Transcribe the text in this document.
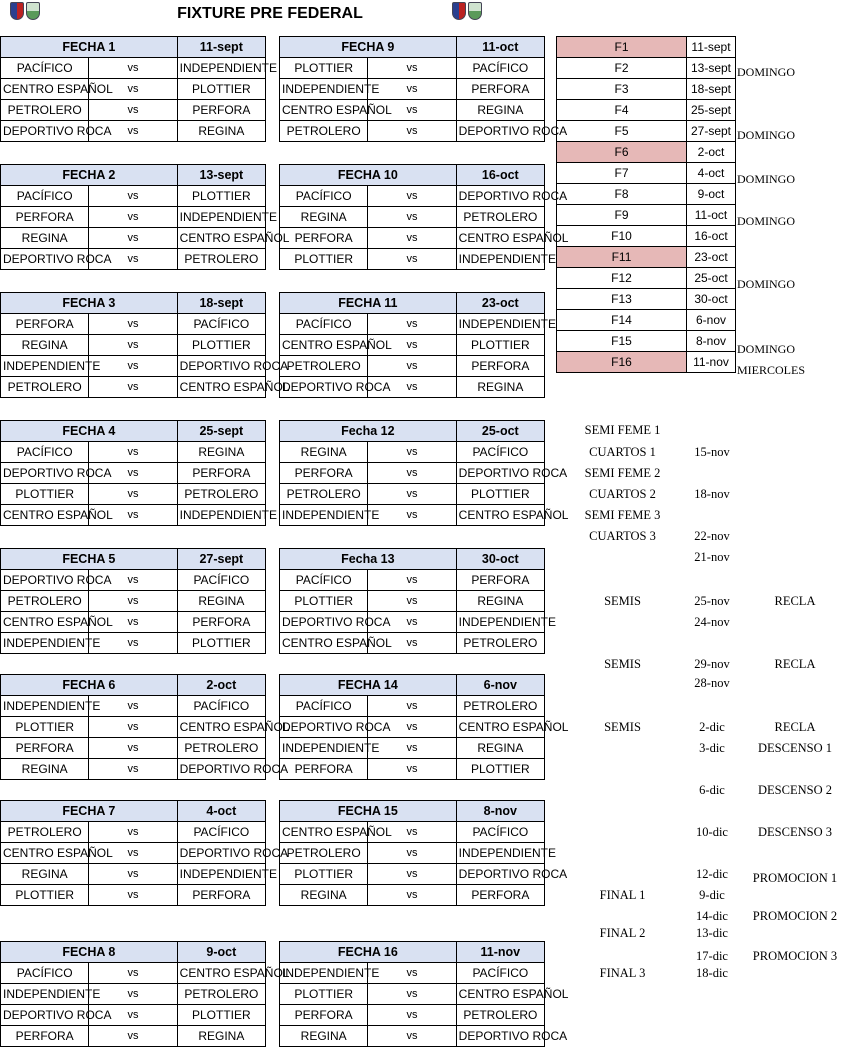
FIXTURE PRE FEDERAL
FECHA 1		11-sept
PACÍFICO	vs	INDEPENDIENTE
CENTRO ESPAÑOL	vs	PLOTTIER
PETROLERO	vs	PERFORA
DEPORTIVO ROCA	vs	REGINA
FECHA 9		11-oct
PLOTTIER	vs	PACÍFICO
INDEPENDIENTE	vs	PERFORA
CENTRO ESPAÑOL	vs	REGINA
PETROLERO	vs	DEPORTIVO ROCA
FECHA 2		13-sept
PACÍFICO	vs	PLOTTIER
PERFORA	vs	INDEPENDIENTE
REGINA	vs	CENTRO ESPAÑOL
DEPORTIVO ROCA	vs	PETROLERO
FECHA 10		16-oct
PACÍFICO	vs	DEPORTIVO ROCA
REGINA	vs	PETROLERO
PERFORA	vs	CENTRO ESPAÑOL
PLOTTIER	vs	INDEPENDIENTE
FECHA 3		18-sept
PERFORA	vs	PACÍFICO
REGINA	vs	PLOTTIER
INDEPENDIENTE	vs	DEPORTIVO ROCA
PETROLERO	vs	CENTRO ESPAÑOL
FECHA 11		23-oct
PACÍFICO	vs	INDEPENDIENTE
CENTRO ESPAÑOL	vs	PLOTTIER
PETROLERO	vs	PERFORA
DEPORTIVO ROCA	vs	REGINA
FECHA 4		25-sept
PACÍFICO	vs	REGINA
DEPORTIVO ROCA	vs	PERFORA
PLOTTIER	vs	PETROLERO
CENTRO ESPAÑOL	vs	INDEPENDIENTE
Fecha 12		25-oct
REGINA	vs	PACÍFICO
PERFORA	vs	DEPORTIVO ROCA
PETROLERO	vs	PLOTTIER
INDEPENDIENTE	vs	CENTRO ESPAÑOL
FECHA 5		27-sept
DEPORTIVO ROCA	vs	PACÍFICO
PETROLERO	vs	REGINA
CENTRO ESPAÑOL	vs	PERFORA
INDEPENDIENTE	vs	PLOTTIER
Fecha 13		30-oct
PACÍFICO	vs	PERFORA
PLOTTIER	vs	REGINA
DEPORTIVO ROCA	vs	INDEPENDIENTE
CENTRO ESPAÑOL	vs	PETROLERO
FECHA 6		2-oct
INDEPENDIENTE	vs	PACÍFICO
PLOTTIER	vs	CENTRO ESPAÑOL
PERFORA	vs	PETROLERO
REGINA	vs	DEPORTIVO ROCA
FECHA 14		6-nov
PACÍFICO	vs	PETROLERO
DEPORTIVO ROCA	vs	CENTRO ESPAÑOL
INDEPENDIENTE	vs	REGINA
PERFORA	vs	PLOTTIER
FECHA 7		4-oct
PETROLERO	vs	PACÍFICO
CENTRO ESPAÑOL	vs	DEPORTIVO ROCA
REGINA	vs	INDEPENDIENTE
PLOTTIER	vs	PERFORA
FECHA 15		8-nov
CENTRO ESPAÑOL	vs	PACÍFICO
PETROLERO	vs	INDEPENDIENTE
PLOTTIER	vs	DEPORTIVO ROCA
REGINA	vs	PERFORA
FECHA 8		9-oct
PACÍFICO	vs	CENTRO ESPAÑOL
INDEPENDIENTE	vs	PETROLERO
DEPORTIVO ROCA	vs	PLOTTIER
PERFORA	vs	REGINA
FECHA 16		11-nov
INDEPENDIENTE	vs	PACÍFICO
PLOTTIER	vs	CENTRO ESPAÑOL
PERFORA	vs	PETROLERO
REGINA	vs	DEPORTIVO ROCA
F1	11-sept
F2	13-sept
F3	18-sept
F4	25-sept
F5	27-sept
F6	2-oct
F7	4-oct
F8	9-oct
F9	11-oct
F10	16-oct
F11	23-oct
F12	25-oct
F13	30-oct
F14	6-nov
F15	8-nov
F16	11-nov
DOMINGO
DOMINGO
DOMINGO
DOMINGO
DOMINGO
DOMINGO
MIERCOLES
SEMI FEME 1
CUARTOS 1	15-nov
SEMI FEME 2
CUARTOS 2	18-nov
SEMI FEME 3
CUARTOS 3	22-nov
21-nov
SEMIS	25-nov	RECLA
24-nov
SEMIS	29-nov	RECLA
28-nov
SEMIS	2-dic	RECLA
3-dic	DESCENSO 1
6-dic	DESCENSO 2
10-dic	DESCENSO 3
12-dic	PROMOCION 1
FINAL 1	9-dic
14-dic	PROMOCION 2
FINAL 2	13-dic
17-dic	PROMOCION 3
FINAL 3	18-dic
